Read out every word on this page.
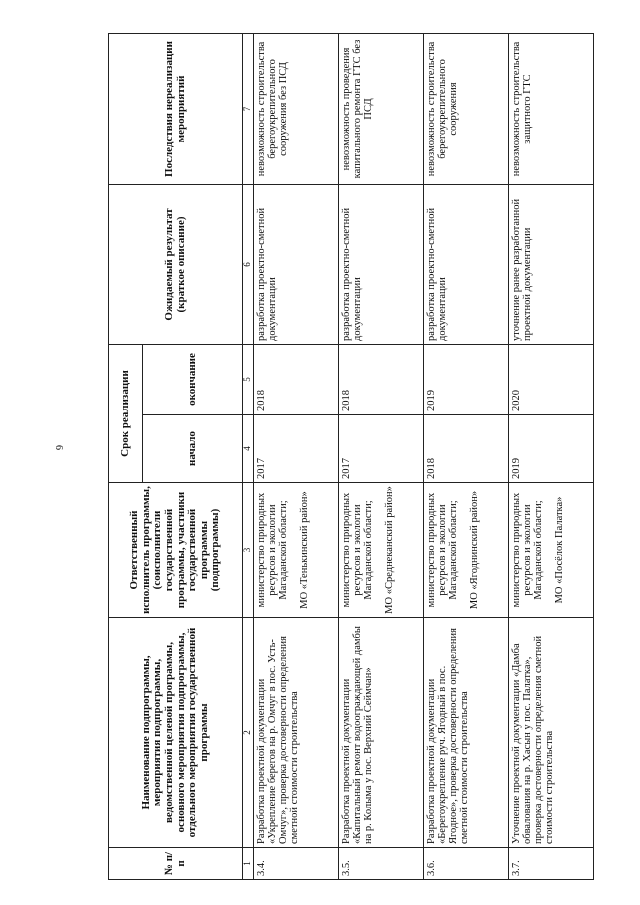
6
№ п/п	Наименование подпрограммы, мероприятия подпрограммы, ведомственной целевой программы, основного мероприятия подпрограммы, отдельного мероприятия государственной программы	Ответственный исполнитель программы, (соисполнители государственной программы, участники государственной программы (подпрограммы)	Срок реализации		Ожидаемый результат (краткое описание)	Последствия нереализации мероприятий
			начало	окончание		
1	2	3	4	5	6	7
3.4.	Разработка проектной документации «Укрепление берегов на р. Омчуг в пос. Усть-Омчуг», проверка достоверности определения сметной стоимости строительства	министерство природных ресурсов и экологии Магаданской области; МО «Тенькинский район»	2017	2018	разработка проектно-сметной документации	невозможность строительства берегоукрепительного сооружения без ПСД
3.5.	Разработка проектной документации «Капитальный ремонт водоограждающей дамбы на р. Колыма у пос. Верхний Сеймчан»	министерство природных ресурсов и экологии Магаданской области; МО «Среднеканский район»	2017	2018	разработка проектно-сметной документации	невозможность проведения капитального ремонта ГТС без ПСД
3.6.	Разработка проектной документации «Берегоукрепление руч. Ягодный в пос. Ягодное», проверка достоверности определения сметной стоимости строительства	министерство природных ресурсов и экологии Магаданской области; МО «Ягоднинский район»	2018	2019	разработка проектно-сметной документации	невозможность строительства берегоукрепительного сооружения
3.7.	Уточнение проектной документации «Дамба обвалования на р. Хасын у пос. Палатка», проверка достоверности определения сметной стоимости строительства	министерство природных ресурсов и экологии Магаданской области; МО «Посёлок Палатка»	2019	2020	уточнение ранее разработанной проектной документации	невозможность строительства защитного ГТС
